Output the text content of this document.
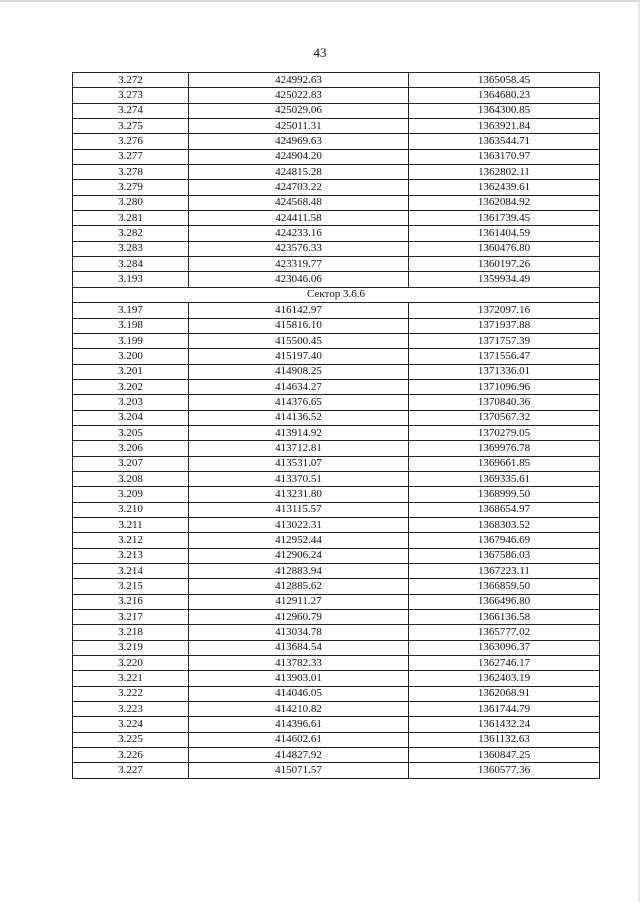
43
3.272	424992.63	1365058.45
3.273	425022.83	1364680.23
3.274	425029.06	1364300.85
3.275	425011.31	1363921.84
3.276	424969.63	1363544.71
3.277	424904.20	1363170.97
3.278	424815.28	1362802.11
3.279	424703.22	1362439.61
3.280	424568.48	1362084.92
3.281	424411.58	1361739.45
3.282	424233.16	1361404.59
3.283	423576.33	1360476.80
3.284	423319.77	1360197.26
3.193	423046.06	1359934.49
Сектор 3.6.6		
3.197	416142.97	1372097.16
3.198	415816.10	1371937.88
3.199	415500.45	1371757.39
3.200	415197.40	1371556.47
3.201	414908.25	1371336.01
3.202	414634.27	1371096.96
3.203	414376.65	1370840.36
3.204	414136.52	1370567.32
3.205	413914.92	1370279.05
3.206	413712.81	1369976.78
3.207	413531.07	1369661.85
3.208	413370.51	1369335.61
3.209	413231.80	1368999.50
3.210	413115.57	1368654.97
3.211	413022.31	1368303.52
3.212	412952.44	1367946.69
3.213	412906.24	1367586.03
3.214	412883.94	1367223.11
3.215	412885.62	1366859.50
3.216	412911.27	1366496.80
3.217	412960.79	1366136.58
3.218	413034.78	1365777.02
3.219	413684.54	1363096.37
3.220	413782.33	1362746.17
3.221	413903.01	1362403.19
3.222	414046.05	1362068.91
3.223	414210.82	1361744.79
3.224	414396.61	1361432.24
3.225	414602.61	1361132.63
3.226	414827.92	1360847.25
3.227	415071.57	1360577.36
